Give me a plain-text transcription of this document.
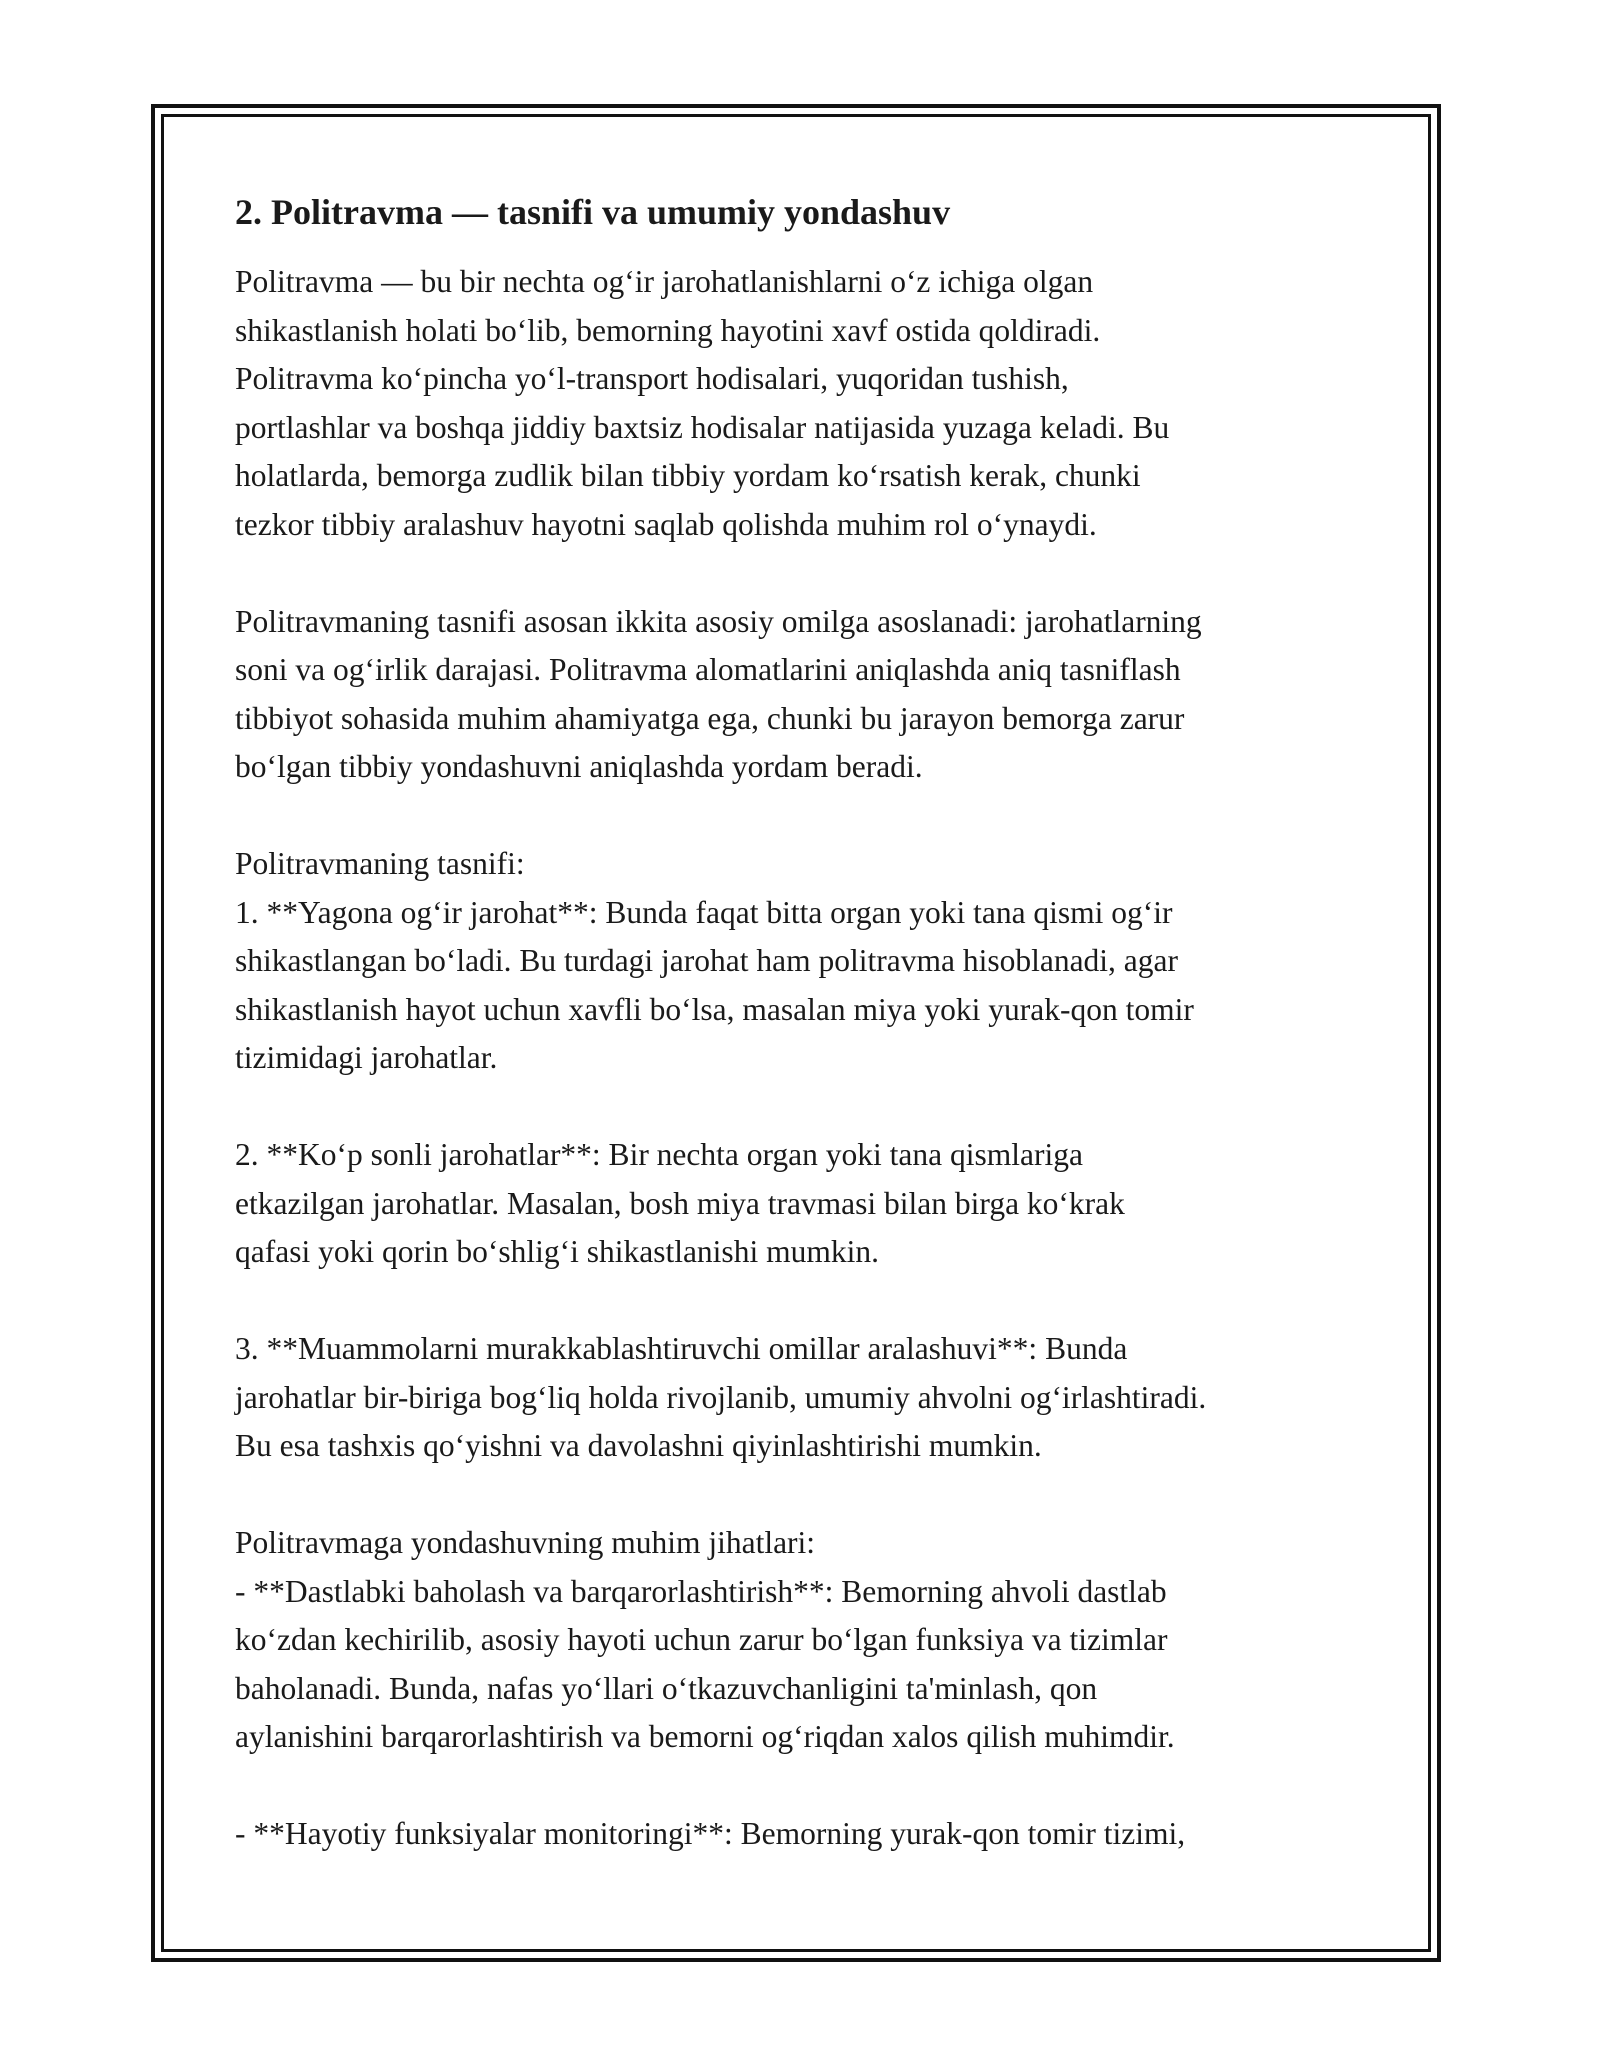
2. Politravma — tasnifi va umumiy yondashuv
Politravma — bu bir nechta og‘ir jarohatlanishlarni o‘z ichiga olgan
shikastlanish holati bo‘lib, bemorning hayotini xavf ostida qoldiradi.
Politravma ko‘pincha yo‘l-transport hodisalari, yuqoridan tushish,
portlashlar va boshqa jiddiy baxtsiz hodisalar natijasida yuzaga keladi. Bu
holatlarda, bemorga zudlik bilan tibbiy yordam ko‘rsatish kerak, chunki
tezkor tibbiy aralashuv hayotni saqlab qolishda muhim rol o‘ynaydi.
Politravmaning tasnifi asosan ikkita asosiy omilga asoslanadi: jarohatlarning
soni va og‘irlik darajasi. Politravma alomatlarini aniqlashda aniq tasniflash
tibbiyot sohasida muhim ahamiyatga ega, chunki bu jarayon bemorga zarur
bo‘lgan tibbiy yondashuvni aniqlashda yordam beradi.
Politravmaning tasnifi:
1. **Yagona og‘ir jarohat**: Bunda faqat bitta organ yoki tana qismi og‘ir
shikastlangan bo‘ladi. Bu turdagi jarohat ham politravma hisoblanadi, agar
shikastlanish hayot uchun xavfli bo‘lsa, masalan miya yoki yurak-qon tomir
tizimidagi jarohatlar.
2. **Ko‘p sonli jarohatlar**: Bir nechta organ yoki tana qismlariga
etkazilgan jarohatlar. Masalan, bosh miya travmasi bilan birga ko‘krak
qafasi yoki qorin bo‘shlig‘i shikastlanishi mumkin.
3. **Muammolarni murakkablashtiruvchi omillar aralashuvi**: Bunda
jarohatlar bir-biriga bog‘liq holda rivojlanib, umumiy ahvolni og‘irlashtiradi.
Bu esa tashxis qo‘yishni va davolashni qiyinlashtirishi mumkin.
Politravmaga yondashuvning muhim jihatlari:
- **Dastlabki baholash va barqarorlashtirish**: Bemorning ahvoli dastlab
ko‘zdan kechirilib, asosiy hayoti uchun zarur bo‘lgan funksiya va tizimlar
baholanadi. Bunda, nafas yo‘llari o‘tkazuvchanligini ta'minlash, qon
aylanishini barqarorlashtirish va bemorni og‘riqdan xalos qilish muhimdir.
- **Hayotiy funksiyalar monitoringi**: Bemorning yurak-qon tomir tizimi,
